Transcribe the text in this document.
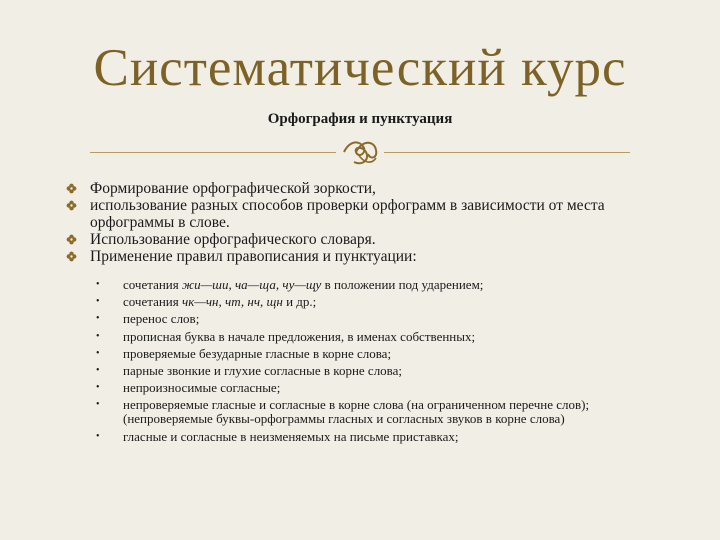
Систематический курс
Орфография и пунктуация
Формирование орфографической зоркости,
использование разных способов проверки орфограмм в зависимости от места орфограммы в слове.
Использование орфографического словаря.
Применение правил правописания и пунктуации:
•	сочетания жи—ши, ча—ща, чу—щу в положении под ударением;
•	сочетания чк—чн, чт, нч, щн и др.;
•	перенос слов;
•	прописная буква в начале предложения, в именах собственных;
•	проверяемые безударные гласные в корне слова;
•	парные звонкие и глухие согласные в корне слова;
•	непроизносимые согласные;
•	непроверяемые гласные и согласные в корне слова (на ограниченном перечне слов);(непроверяемые буквы-орфограммы гласных и согласных звуков в корне слова)
•	гласные и согласные в неизменяемых на письме приставках;
